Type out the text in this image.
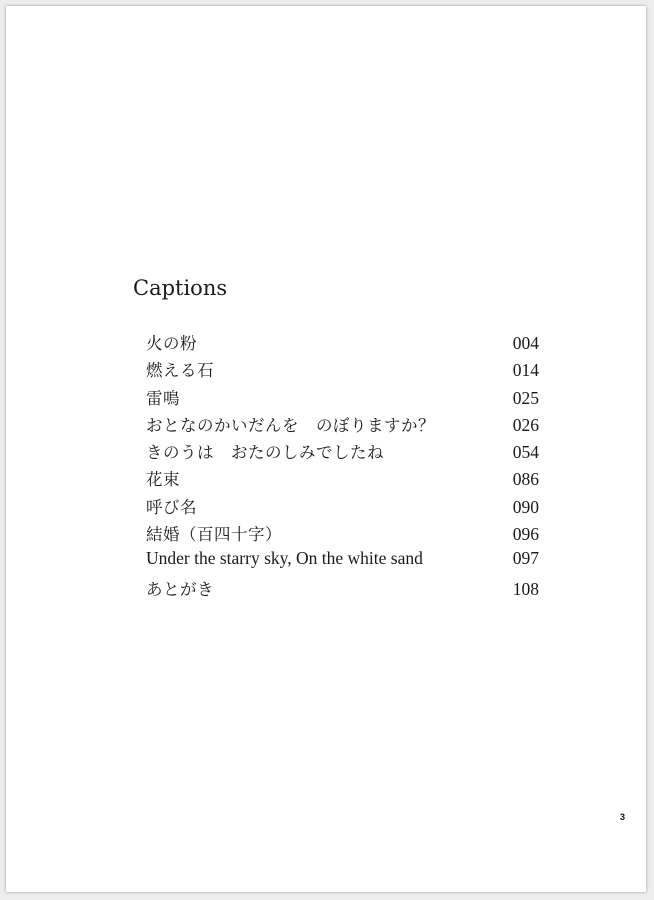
Captions
火の粉	004
燃える石	014
雷鳴	025
おとなのかいだんを　のぼりますか？	026
きのうは　おたのしみでしたね	054
花束	086
呼び名	090
結婚（百四十字）	096
Under the starry sky, On the white sand	097
あとがき	108
3
